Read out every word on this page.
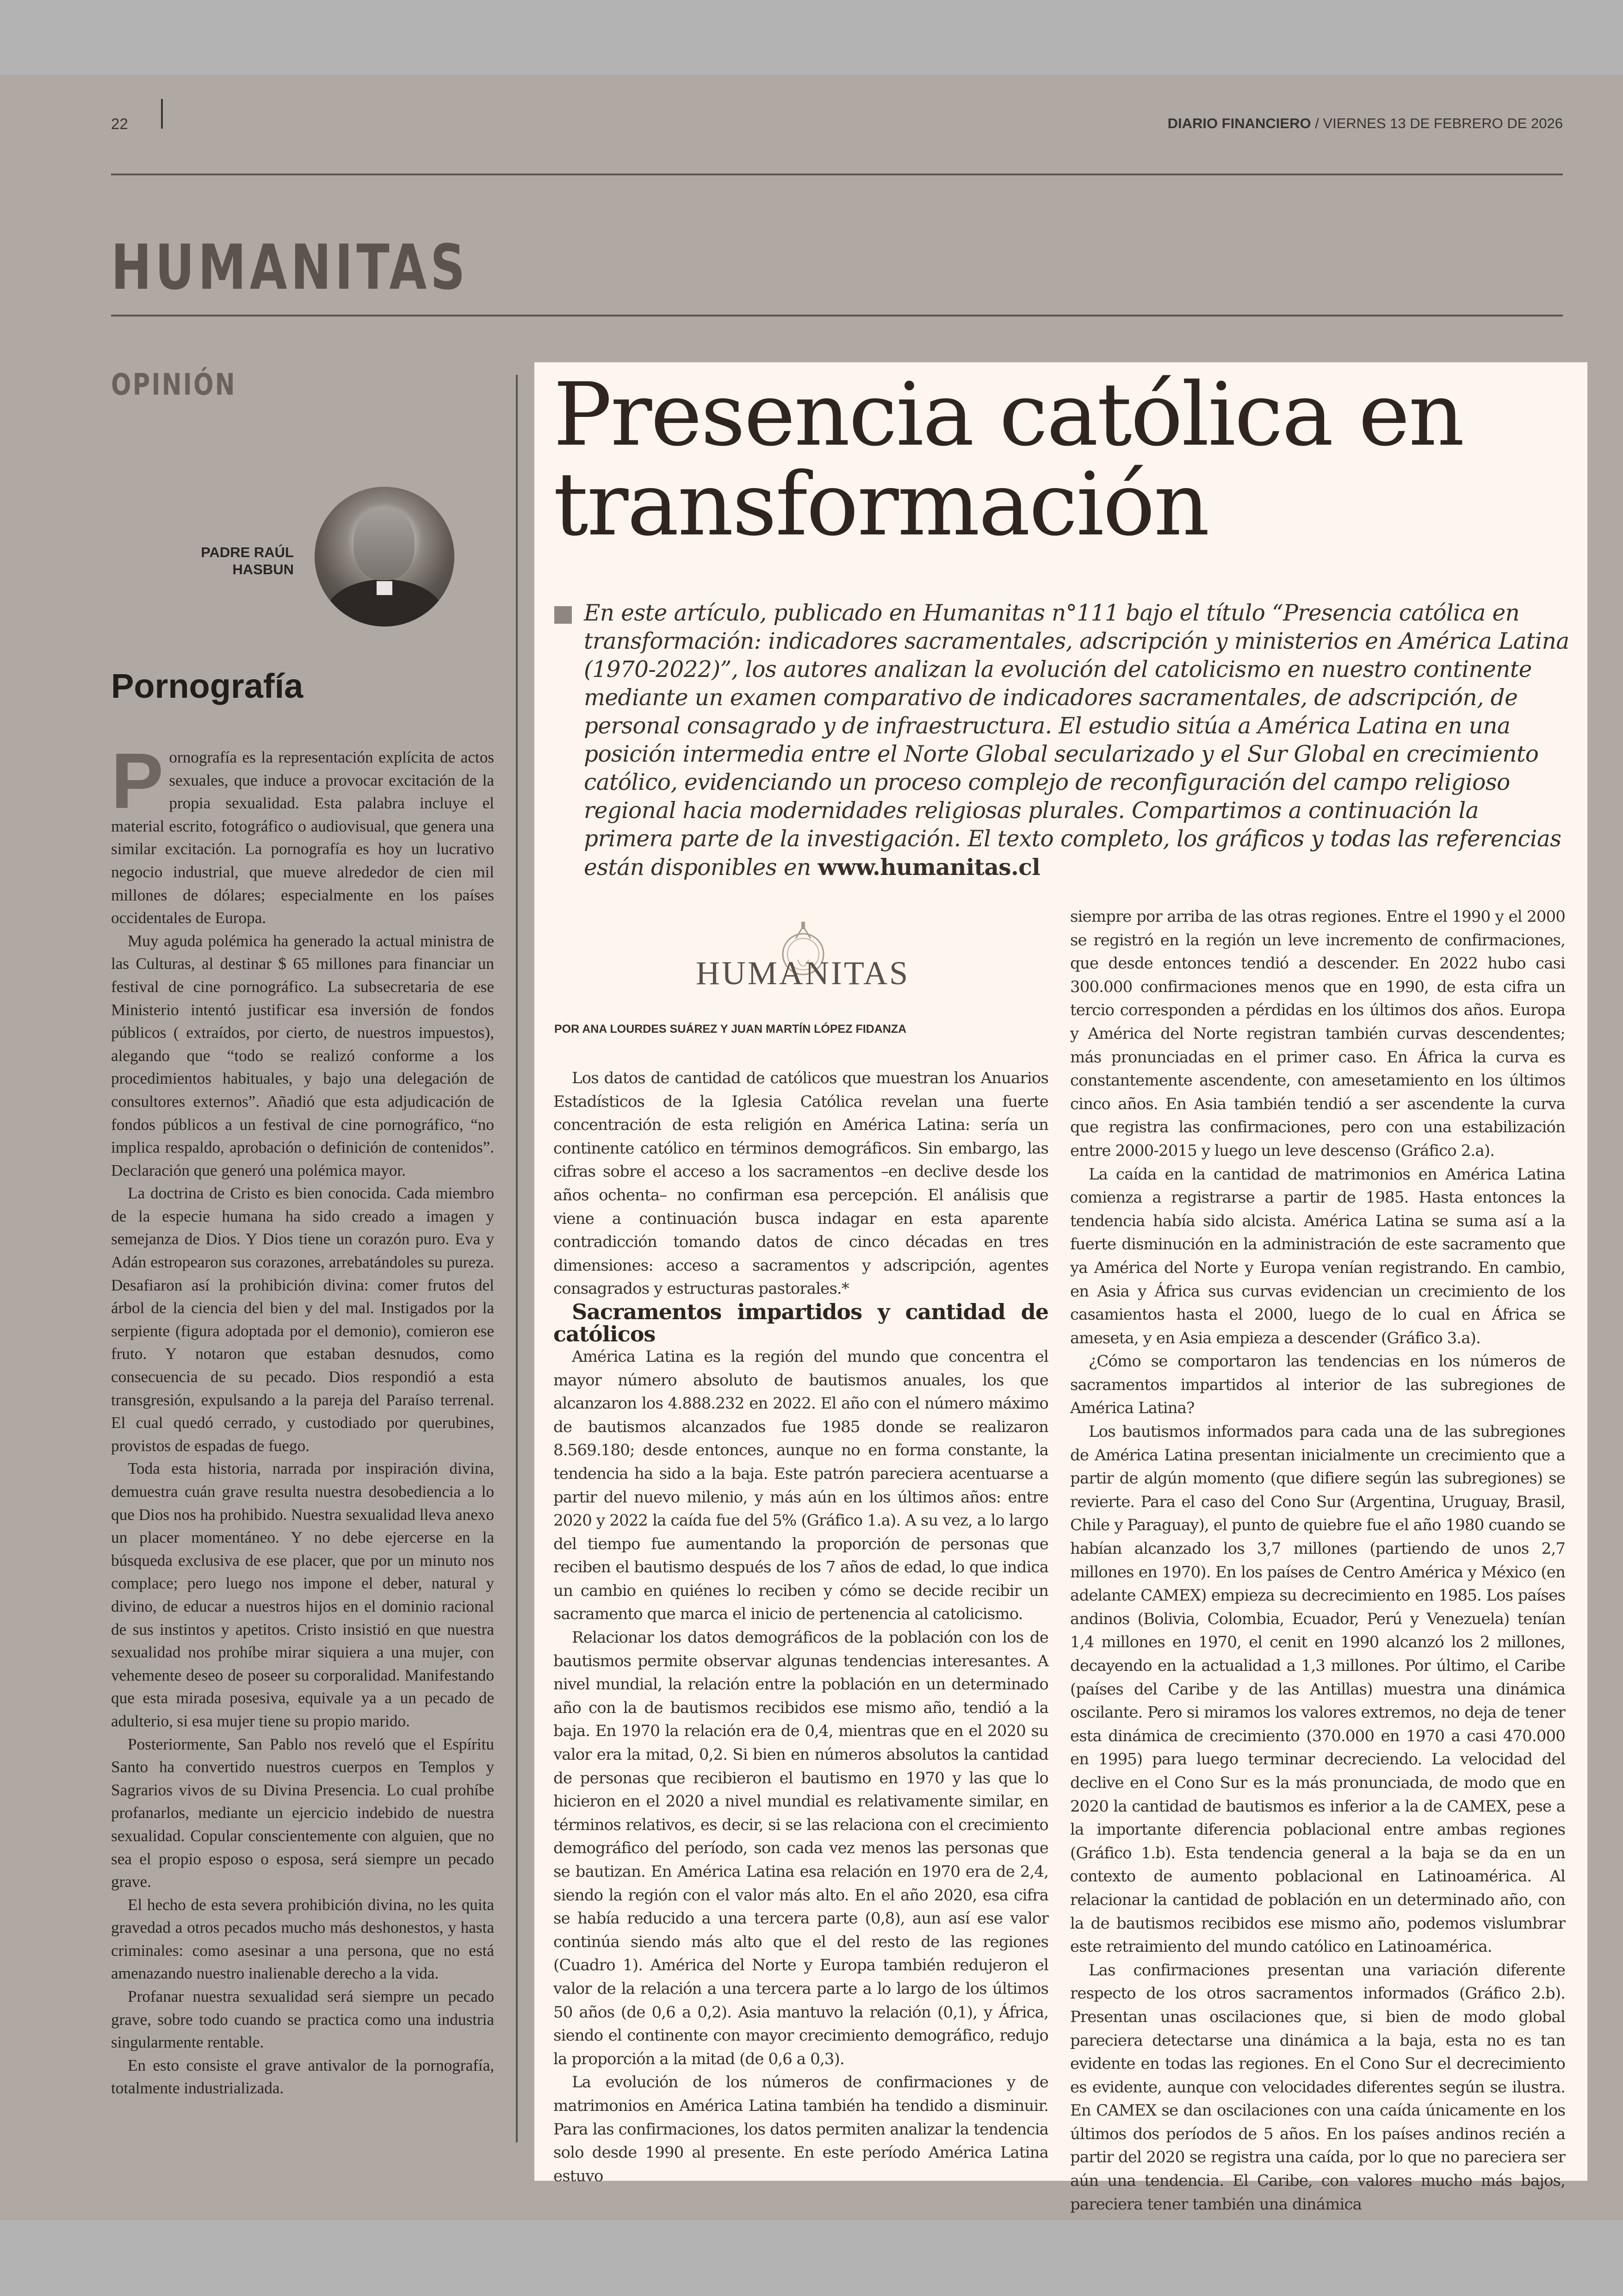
22	DIARIO FINANCIERO / VIERNES 13 DE FEBRERO DE 2026
HUMANITAS
OPINIÓN
PADRE RAÚL
HASBUN
Pornografía

Pornografía es la representación explícita de actos sexuales, que induce a provocar excitación de la propia sexualidad. Esta palabra incluye el material escrito, fotográfico o audiovisual, que genera una similar excitación. La pornografía es hoy un lucrativo negocio industrial, que mueve alrededor de cien mil millones de dólares; especialmente en los países occidentales de Europa.

Muy aguda polémica ha generado la actual ministra de las Culturas, al destinar $ 65 millones para financiar un festival de cine pornográfico. La subsecretaria de ese Ministerio intentó justificar esa inversión de fondos públicos ( extraídos, por cierto, de nuestros impuestos), alegando que “todo se realizó conforme a los procedimientos habituales, y bajo una delegación de consultores externos”. Añadió que esta adjudicación de fondos públicos a un festival de cine pornográfico, “no implica respaldo, aprobación o definición de contenidos”. Declaración que generó una polémica mayor.

La doctrina de Cristo es bien conocida. Cada miembro de la especie humana ha sido creado a imagen y semejanza de Dios. Y Dios tiene un corazón puro. Eva y Adán estropearon sus corazones, arrebatándoles su pureza. Desafiaron así la prohibición divina: comer frutos del árbol de la ciencia del bien y del mal. Instigados por la serpiente (figura adoptada por el demonio), comieron ese fruto. Y notaron que estaban desnudos, como consecuencia de su pecado. Dios respondió a esta transgresión, expulsando a la pareja del Paraíso terrenal. El cual quedó cerrado, y custodiado por querubines, provistos de espadas de fuego.

Toda esta historia, narrada por inspiración divina, demuestra cuán grave resulta nuestra desobediencia a lo que Dios nos ha prohibido. Nuestra sexualidad lleva anexo un placer momentáneo. Y no debe ejercerse en la búsqueda exclusiva de ese placer, que por un minuto nos complace; pero luego nos impone el deber, natural y divino, de educar a nuestros hijos en el dominio racional de sus instintos y apetitos. Cristo insistió en que nuestra sexualidad nos prohíbe mirar siquiera a una mujer, con vehemente deseo de poseer su corporalidad. Manifestando que esta mirada posesiva, equivale ya a un pecado de adulterio, si esa mujer tiene su propio marido.

Posteriormente, San Pablo nos reveló que el Espíritu Santo ha convertido nuestros cuerpos en Templos y Sagrarios vivos de su Divina Presencia. Lo cual prohíbe profanarlos, mediante un ejercicio indebido de nuestra sexualidad. Copular conscientemente con alguien, que no sea el propio esposo o esposa, será siempre un pecado grave.

El hecho de esta severa prohibición divina, no les quita gravedad a otros pecados mucho más deshonestos, y hasta criminales: como asesinar a una persona, que no está amenazando nuestro inalienable derecho a la vida.

Profanar nuestra sexualidad será siempre un pecado grave, sobre todo cuando se practica como una industria singularmente rentable.

En esto consiste el grave antivalor de la pornografía, totalmente industrializada.

Presencia católica en transformación
En este artículo, publicado en Humanitas n°111 bajo el título “Presencia católica en transformación: indicadores sacramentales, adscripción y ministerios en América Latina (1970-2022)”, los autores analizan la evolución del catolicismo en nuestro continente mediante un examen comparativo de indicadores sacramentales, de adscripción, de personal consagrado y de infraestructura. El estudio sitúa a América Latina en una posición intermedia entre el Norte Global secularizado y el Sur Global en crecimiento católico, evidenciando un proceso complejo de reconfiguración del campo religioso regional hacia modernidades religiosas plurales. Compartimos a continuación la primera parte de la investigación. El texto completo, los gráficos y todas las referencias están disponibles en www.humanitas.cl
HUMANITAS
POR ANA LOURDES SUÁREZ Y JUAN MARTÍN LÓPEZ FIDANZA

Los datos de cantidad de católicos que muestran los Anuarios Estadísticos de la Iglesia Católica revelan una fuerte concentración de esta religión en América Latina: sería un continente católico en términos demográficos. Sin embargo, las cifras sobre el acceso a los sacramentos –en declive desde los años ochenta– no confirman esa percepción. El análisis que viene a continuación busca indagar en esta aparente contradicción tomando datos de cinco décadas en tres dimensiones: acceso a sacramentos y adscripción, agentes consagrados y estructuras pastorales.*

Sacramentos impartidos y cantidad de católicos

América Latina es la región del mundo que concentra el mayor número absoluto de bautismos anuales, los que alcanzaron los 4.888.232 en 2022. El año con el número máximo de bautismos alcanzados fue 1985 donde se realizaron 8.569.180; desde entonces, aunque no en forma constante, la tendencia ha sido a la baja. Este patrón pareciera acentuarse a partir del nuevo milenio, y más aún en los últimos años: entre 2020 y 2022 la caída fue del 5% (Gráfico 1.a). A su vez, a lo largo del tiempo fue aumentando la proporción de personas que reciben el bautismo después de los 7 años de edad, lo que indica un cambio en quiénes lo reciben y cómo se decide recibir un sacramento que marca el inicio de pertenencia al catolicismo.

Relacionar los datos demográficos de la población con los de bautismos permite observar algunas tendencias interesantes. A nivel mundial, la relación entre la población en un determinado año con la de bautismos recibidos ese mismo año, tendió a la baja. En 1970 la relación era de 0,4, mientras que en el 2020 su valor era la mitad, 0,2. Si bien en números absolutos la cantidad de personas que recibieron el bautismo en 1970 y las que lo hicieron en el 2020 a nivel mundial es relativamente similar, en términos relativos, es decir, si se las relaciona con el crecimiento demográfico del período, son cada vez menos las personas que se bautizan. En América Latina esa relación en 1970 era de 2,4, siendo la región con el valor más alto. En el año 2020, esa cifra se había reducido a una tercera parte (0,8), aun así ese valor continúa siendo más alto que el del resto de las regiones (Cuadro 1). América del Norte y Europa también redujeron el valor de la relación a una tercera parte a lo largo de los últimos 50 años (de 0,6 a 0,2). Asia mantuvo la relación (0,1), y África, siendo el continente con mayor crecimiento demográfico, redujo la proporción a la mitad (de 0,6 a 0,3).

La evolución de los números de confirmaciones y de matrimonios en América Latina también ha tendido a disminuir. Para las confirmaciones, los datos permiten analizar la tendencia solo desde 1990 al presente. En este período América Latina estuvo

siempre por arriba de las otras regiones. Entre el 1990 y el 2000 se registró en la región un leve incremento de confirmaciones, que desde entonces tendió a descender. En 2022 hubo casi 300.000 confirmaciones menos que en 1990, de esta cifra un tercio corresponden a pérdidas en los últimos dos años. Europa y América del Norte registran también curvas descendentes; más pronunciadas en el primer caso. En África la curva es constantemente ascendente, con amesetamiento en los últimos cinco años. En Asia también tendió a ser ascendente la curva que registra las confirmaciones, pero con una estabilización entre 2000-2015 y luego un leve descenso (Gráfico 2.a).

La caída en la cantidad de matrimonios en América Latina comienza a registrarse a partir de 1985. Hasta entonces la tendencia había sido alcista. América Latina se suma así a la fuerte disminución en la administración de este sacramento que ya América del Norte y Europa venían registrando. En cambio, en Asia y África sus curvas evidencian un crecimiento de los casamientos hasta el 2000, luego de lo cual en África se ameseta, y en Asia empieza a descender (Gráfico 3.a).

¿Cómo se comportaron las tendencias en los números de sacramentos impartidos al interior de las subregiones de América Latina?

Los bautismos informados para cada una de las subregiones de América Latina presentan inicialmente un crecimiento que a partir de algún momento (que difiere según las subregiones) se revierte. Para el caso del Cono Sur (Argentina, Uruguay, Brasil, Chile y Paraguay), el punto de quiebre fue el año 1980 cuando se habían alcanzado los 3,7 millones (partiendo de unos 2,7 millones en 1970). En los países de Centro América y México (en adelante CAMEX) empieza su decrecimiento en 1985. Los países andinos (Bolivia, Colombia, Ecuador, Perú y Venezuela) tenían 1,4 millones en 1970, el cenit en 1990 alcanzó los 2 millones, decayendo en la actualidad a 1,3 millones. Por último, el Caribe (países del Caribe y de las Antillas) muestra una dinámica oscilante. Pero si miramos los valores extremos, no deja de tener esta dinámica de crecimiento (370.000 en 1970 a casi 470.000 en 1995) para luego terminar decreciendo. La velocidad del declive en el Cono Sur es la más pronunciada, de modo que en 2020 la cantidad de bautismos es inferior a la de CAMEX, pese a la importante diferencia poblacional entre ambas regiones (Gráfico 1.b). Esta tendencia general a la baja se da en un contexto de aumento poblacional en Latinoamérica. Al relacionar la cantidad de población en un determinado año, con la de bautismos recibidos ese mismo año, podemos vislumbrar este retraimiento del mundo católico en Latinoamérica.

Las confirmaciones presentan una variación diferente respecto de los otros sacramentos informados (Gráfico 2.b). Presentan unas oscilaciones que, si bien de modo global pareciera detectarse una dinámica a la baja, esta no es tan evidente en todas las regiones. En el Cono Sur el decrecimiento es evidente, aunque con velocidades diferentes según se ilustra. En CAMEX se dan oscilaciones con una caída únicamente en los últimos dos períodos de 5 años. En los países andinos recién a partir del 2020 se registra una caída, por lo que no pareciera ser aún una tendencia. El Caribe, con valores mucho más bajos, pareciera tener también una dinámica
